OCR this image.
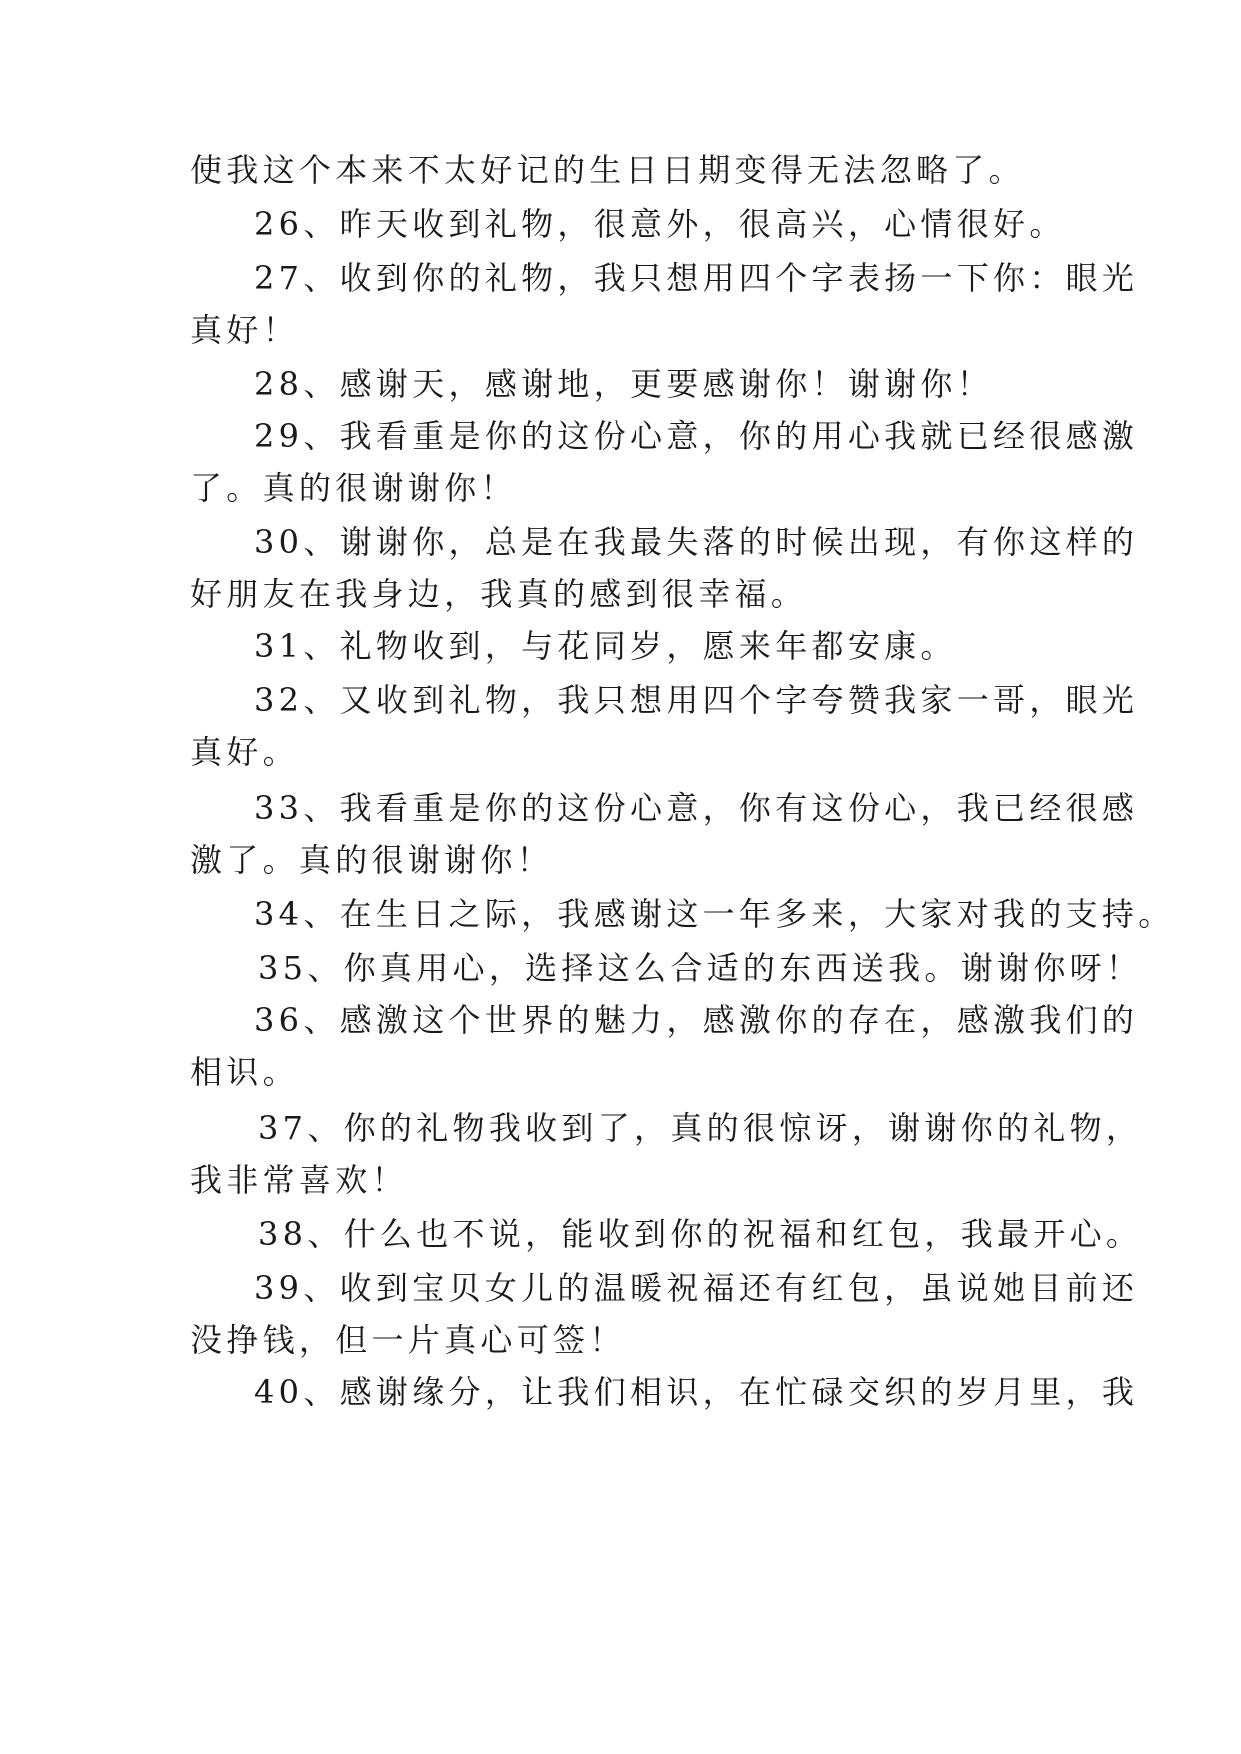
使我这个本来不太好记的生日日期变得无法忽略了。
26、昨天收到礼物，很意外，很高兴，心情很好。
27、收到你的礼物，我只想用四个字表扬一下你：眼光
真好！
28、感谢天，感谢地，更要感谢你！谢谢你！
29、我看重是你的这份心意，你的用心我就已经很感激
了。真的很谢谢你！
30、谢谢你，总是在我最失落的时候出现，有你这样的
好朋友在我身边，我真的感到很幸福。
31、礼物收到，与花同岁，愿来年都安康。
32、又收到礼物，我只想用四个字夸赞我家一哥，眼光
真好。
33、我看重是你的这份心意，你有这份心，我已经很感
激了。真的很谢谢你！
34、在生日之际，我感谢这一年多来，大家对我的支持。
35、你真用心，选择这么合适的东西送我。谢谢你呀！
36、感激这个世界的魅力，感激你的存在，感激我们的
相识。
37、你的礼物我收到了，真的很惊讶，谢谢你的礼物，
我非常喜欢！
38、什么也不说，能收到你的祝福和红包，我最开心。
39、收到宝贝女儿的温暖祝福还有红包，虽说她目前还
没挣钱，但一片真心可签！
40、感谢缘分，让我们相识，在忙碌交织的岁月里，我
